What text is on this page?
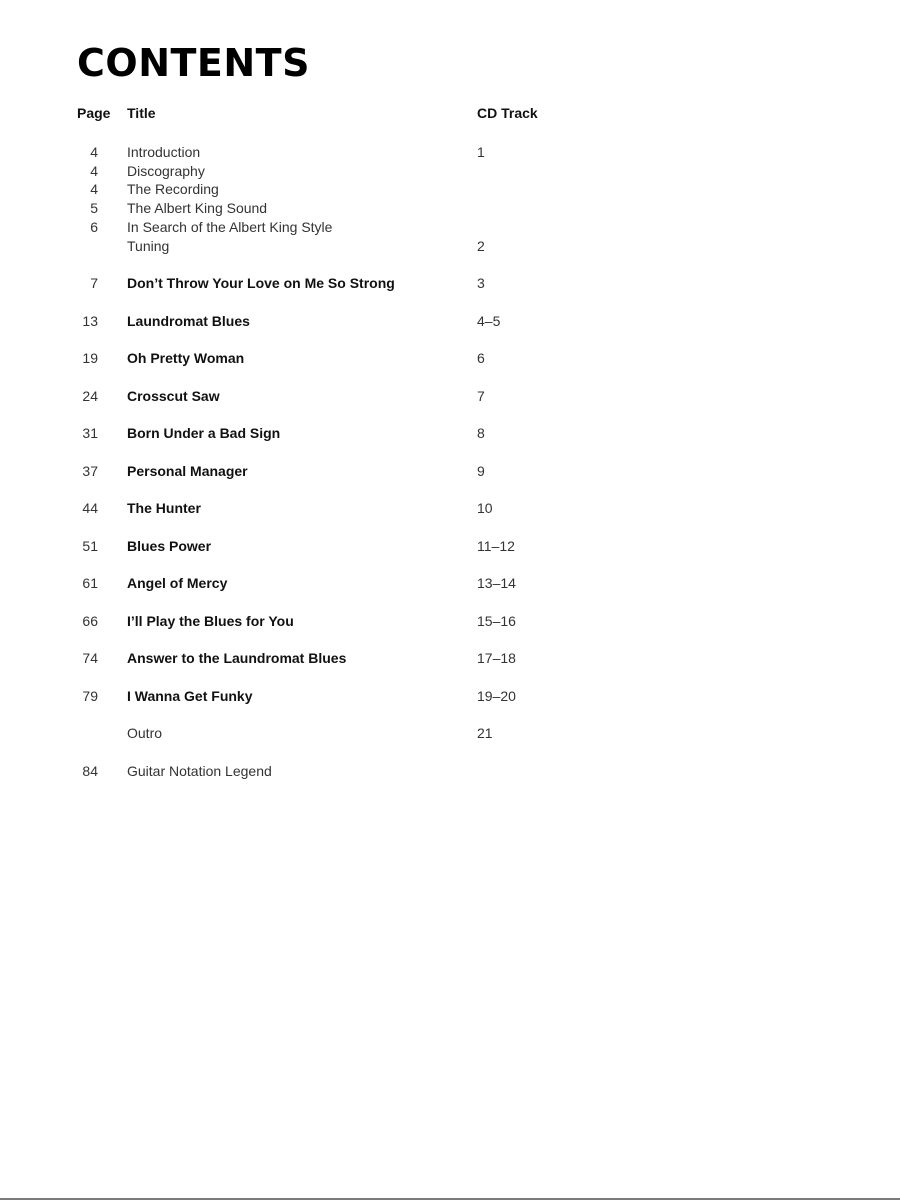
CONTENTS
Page Title	CD Track
4 Introduction	1
4 Discography
4 The Recording
5 The Albert King Sound
6 In Search of the Albert King Style
Tuning	2
7 Don’t Throw Your Love on Me So Strong	3
13 Laundromat Blues	4–5
19 Oh Pretty Woman	6
24 Crosscut Saw	7
31 Born Under a Bad Sign	8
37 Personal Manager	9
44 The Hunter	10
51 Blues Power	11–12
61 Angel of Mercy	13–14
66 I’ll Play the Blues for You	15–16
74 Answer to the Laundromat Blues	17–18
79 I Wanna Get Funky	19–20
Outro	21
84 Guitar Notation Legend
